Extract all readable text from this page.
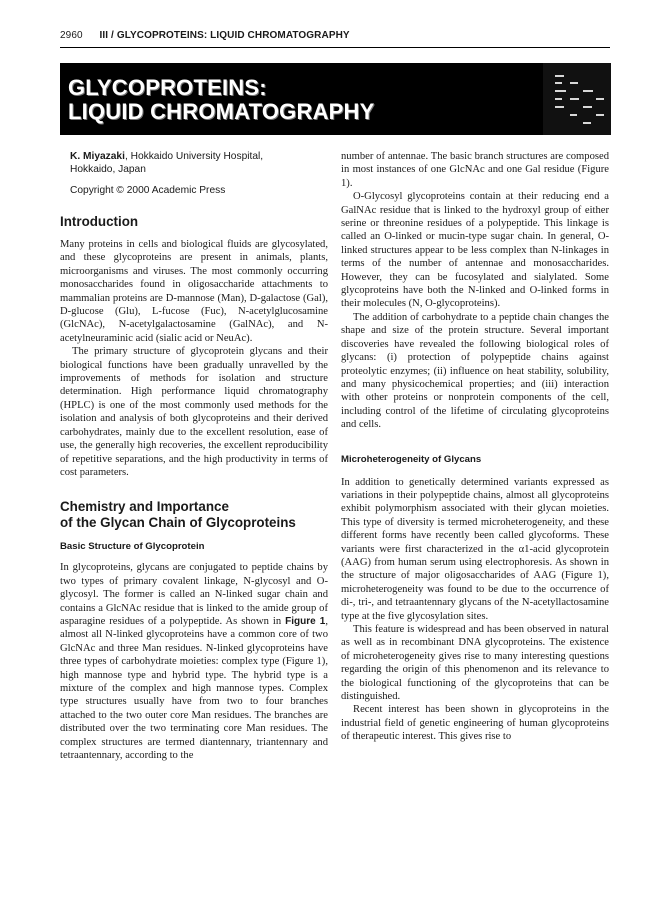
2960 III / GLYCOPROTEINS: LIQUID CHROMATOGRAPHY
GLYCOPROTEINS:
LIQUID CHROMATOGRAPHY
K. Miyazaki, Hokkaido University Hospital,
Hokkaido, Japan
Copyright © 2000 Academic Press
Introduction

Many proteins in cells and biological fluids are glycosylated, and these glycoproteins are present in animals, plants, microorganisms and viruses. The most commonly occurring monosaccharides found in oligosaccharide attachments to mammalian proteins are D-mannose (Man), D-galactose (Gal), D-glucose (Glu), L-fucose (Fuc), N-acetylglucosamine (GlcNAc), N-acetylgalactosamine (GalNAc), and N-acetylneuraminic acid (sialic acid or NeuAc).

The primary structure of glycoprotein glycans and their biological functions have been gradually unravelled by the improvements of methods for isolation and structure determination. High performance liquid chromatography (HPLC) is one of the most commonly used methods for the isolation and analysis of both glycoproteins and their derived carbohydrates, mainly due to the excellent resolution, ease of use, the generally high recoveries, the excellent reproducibility of repetitive separations, and the high productivity in terms of cost parameters.

Chemistry and Importance
of the Glycan Chain of Glycoproteins
Basic Structure of Glycoprotein

In glycoproteins, glycans are conjugated to peptide chains by two types of primary covalent linkage, N-glycosyl and O-glycosyl. The former is called an N-linked sugar chain and contains a GlcNAc residue that is linked to the amide group of asparagine residues of a polypeptide. As shown in Figure 1, almost all N-linked glycoproteins have a common core of two GlcNAc and three Man residues. N-linked glycoproteins have three types of carbohydrate moieties: complex type (Figure 1), high mannose type and hybrid type. The hybrid type is a mixture of the complex and high mannose types. Complex type structures usually have from two to four branches attached to the two outer core Man residues. The branches are distributed over the two terminating core Man residues. The complex structures are termed diantennary, triantennary and tetraantennary, according to the

number of antennae. The basic branch structures are composed in most instances of one GlcNAc and one Gal residue (Figure 1).

O-Glycosyl glycoproteins contain at their reducing end a GalNAc residue that is linked to the hydroxyl group of either serine or threonine residues of a polypeptide. This linkage is called an O-linked or mucin-type sugar chain. In general, O-linked structures appear to be less complex than N-linkages in terms of the number of antennae and monosaccharides. However, they can be fucosylated and sialylated. Some glycoproteins have both the N-linked and O-linked forms in their molecules (N, O-glycoproteins).

The addition of carbohydrate to a peptide chain changes the shape and size of the protein structure. Several important discoveries have revealed the following biological roles of glycans: (i) protection of polypeptide chains against proteolytic enzymes; (ii) influence on heat stability, solubility, and many physicochemical properties; and (iii) interaction with other proteins or nonprotein components of the cell, including control of the lifetime of circulating glycoproteins and cells.

Microheterogeneity of Glycans

In addition to genetically determined variants expressed as variations in their polypeptide chains, almost all glycoproteins exhibit polymorphism associated with their glycan moieties. This type of diversity is termed microheterogeneity, and these different forms have recently been called glycoforms. These variants were first characterized in the α1-acid glycoprotein (AAG) from human serum using electrophoresis. As shown in the structure of major oligosaccharides of AAG (Figure 1), microheterogeneity was found to be due to the occurrence of di-, tri-, and tetraantennary glycans of the N-acetyllactosamine type at the five glycosylation sites.

This feature is widespread and has been observed in natural as well as in recombinant DNA glycoproteins. The existence of microheterogeneity gives rise to many interesting questions regarding the origin of this phenomenon and its relevance to the biological functioning of the glycoproteins that can be distinguished.

Recent interest has been shown in glycoproteins in the industrial field of genetic engineering of human glycoproteins of therapeutic interest. This gives rise to
